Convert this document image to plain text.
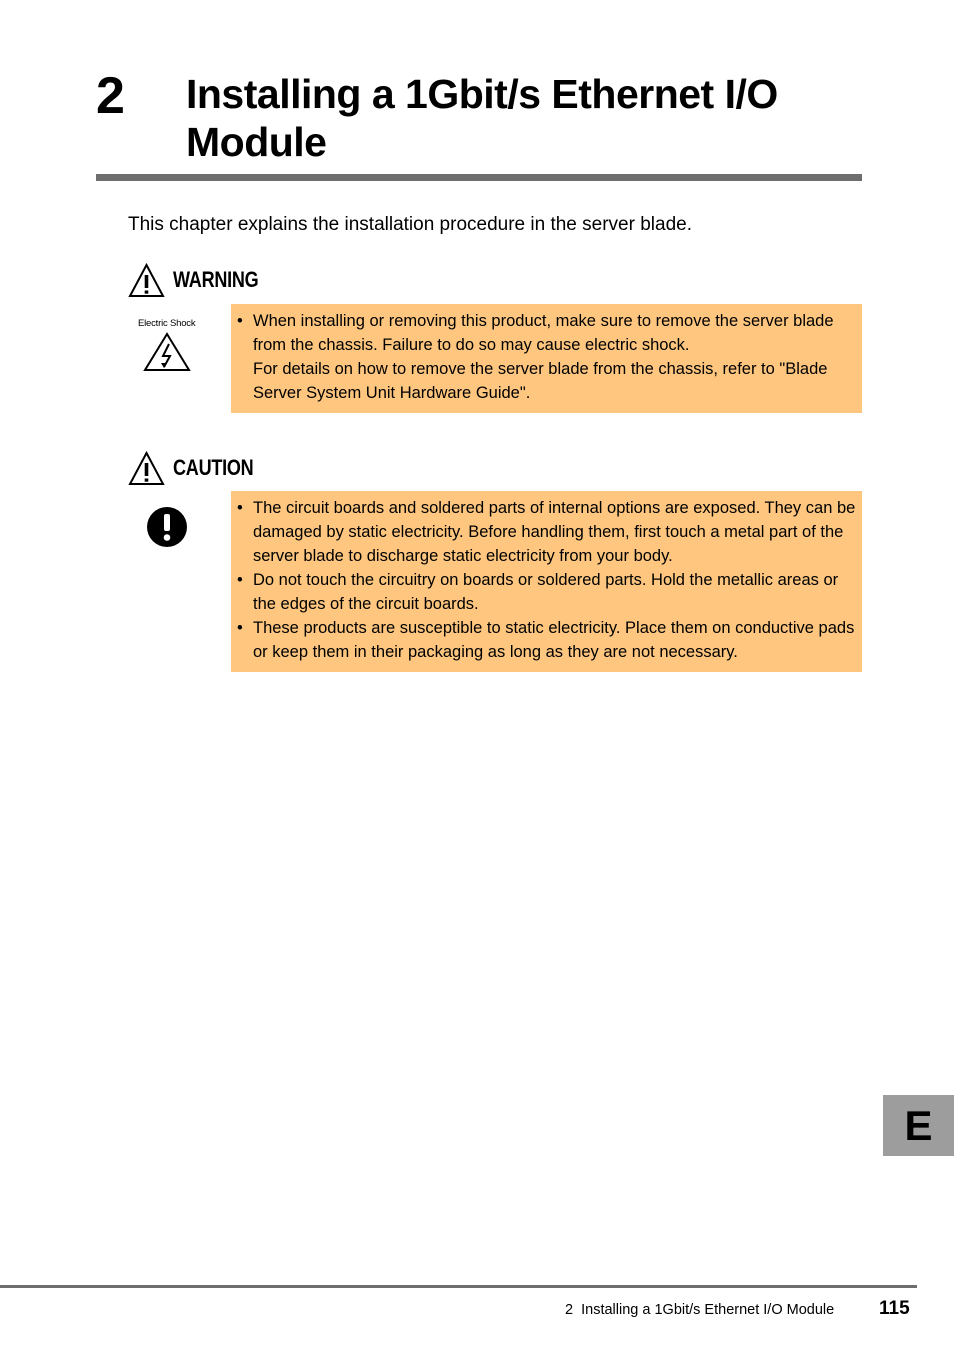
2 Installing a 1Gbit/s Ethernet I/O Module
This chapter explains the installation procedure in the server blade.
WARNING
Electric Shock	• When installing or removing this product, make sure to remove the server blade from the chassis. Failure to do so may cause electric shock.
For details on how to remove the server blade from the chassis, refer to "Blade Server System Unit Hardware Guide".
CAUTION
• The circuit boards and soldered parts of internal options are exposed. They can be damaged by static electricity. Before handling them, first touch a metal part of the server blade to discharge static electricity from your body.
• Do not touch the circuitry on boards or soldered parts. Hold the metallic areas or the edges of the circuit boards.
• These products are susceptible to static electricity. Place them on conductive pads or keep them in their packaging as long as they are not necessary.
E
2  Installing a 1Gbit/s Ethernet I/O Module 115
